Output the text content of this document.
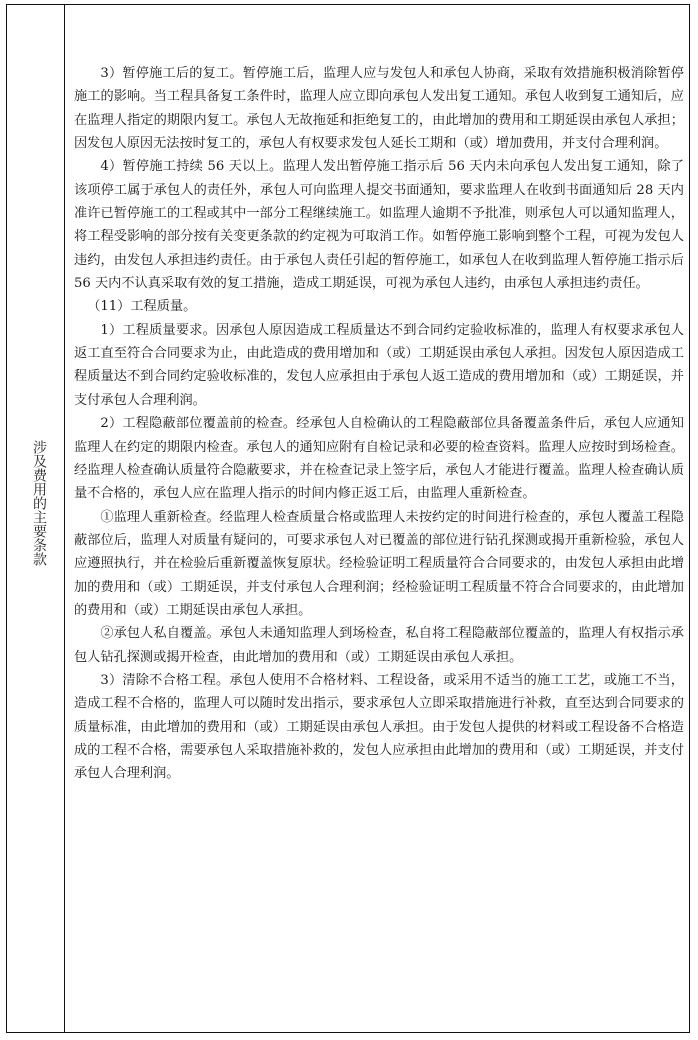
涉及费用的主要条款

3）暂停施工后的复工。暂停施工后，监理人应与发包人和承包人协商，采取有效措施积极消除暂停施工的影响。当工程具备复工条件时，监理人应立即向承包人发出复工通知。承包人收到复工通知后，应在监理人指定的期限内复工。承包人无故拖延和拒绝复工的，由此增加的费用和工期延误由承包人承担；因发包人原因无法按时复工的，承包人有权要求发包人延长工期和（或）增加费用，并支付合理利润。

4）暂停施工持续 56 天以上。监理人发出暂停施工指示后 56 天内未向承包人发出复工通知，除了该项停工属于承包人的责任外，承包人可向监理人提交书面通知，要求监理人在收到书面通知后 28 天内准许已暂停施工的工程或其中一部分工程继续施工。如监理人逾期不予批准，则承包人可以通知监理人，将工程受影响的部分按有关变更条款的约定视为可取消工作。如暂停施工影响到整个工程，可视为发包人违约，由发包人承担违约责任。由于承包人责任引起的暂停施工，如承包人在收到监理人暂停施工指示后 56 天内不认真采取有效的复工措施，造成工期延误，可视为承包人违约，由承包人承担违约责任。

（11）工程质量。

1）工程质量要求。因承包人原因造成工程质量达不到合同约定验收标准的，监理人有权要求承包人返工直至符合合同要求为止，由此造成的费用增加和（或）工期延误由承包人承担。因发包人原因造成工程质量达不到合同约定验收标准的，发包人应承担由于承包人返工造成的费用增加和（或）工期延误，并支付承包人合理利润。

2）工程隐蔽部位覆盖前的检查。经承包人自检确认的工程隐蔽部位具备覆盖条件后，承包人应通知监理人在约定的期限内检查。承包人的通知应附有自检记录和必要的检查资料。监理人应按时到场检查。经监理人检查确认质量符合隐蔽要求，并在检查记录上签字后，承包人才能进行覆盖。监理人检查确认质量不合格的，承包人应在监理人指示的时间内修正返工后，由监理人重新检查。

①监理人重新检查。经监理人检查质量合格或监理人未按约定的时间进行检查的，承包人覆盖工程隐蔽部位后，监理人对质量有疑问的，可要求承包人对已覆盖的部位进行钻孔探测或揭开重新检验，承包人应遵照执行，并在检验后重新覆盖恢复原状。经检验证明工程质量符合合同要求的，由发包人承担由此增加的费用和（或）工期延误，并支付承包人合理利润；经检验证明工程质量不符合合同要求的，由此增加的费用和（或）工期延误由承包人承担。

②承包人私自覆盖。承包人未通知监理人到场检查，私自将工程隐蔽部位覆盖的，监理人有权指示承包人钻孔探测或揭开检查，由此增加的费用和（或）工期延误由承包人承担。

3）清除不合格工程。承包人使用不合格材料、工程设备，或采用不适当的施工工艺，或施工不当，造成工程不合格的，监理人可以随时发出指示，要求承包人立即采取措施进行补救，直至达到合同要求的质量标准，由此增加的费用和（或）工期延误由承包人承担。由于发包人提供的材料或工程设备不合格造成的工程不合格，需要承包人采取措施补救的，发包人应承担由此增加的费用和（或）工期延误，并支付承包人合理利润。
